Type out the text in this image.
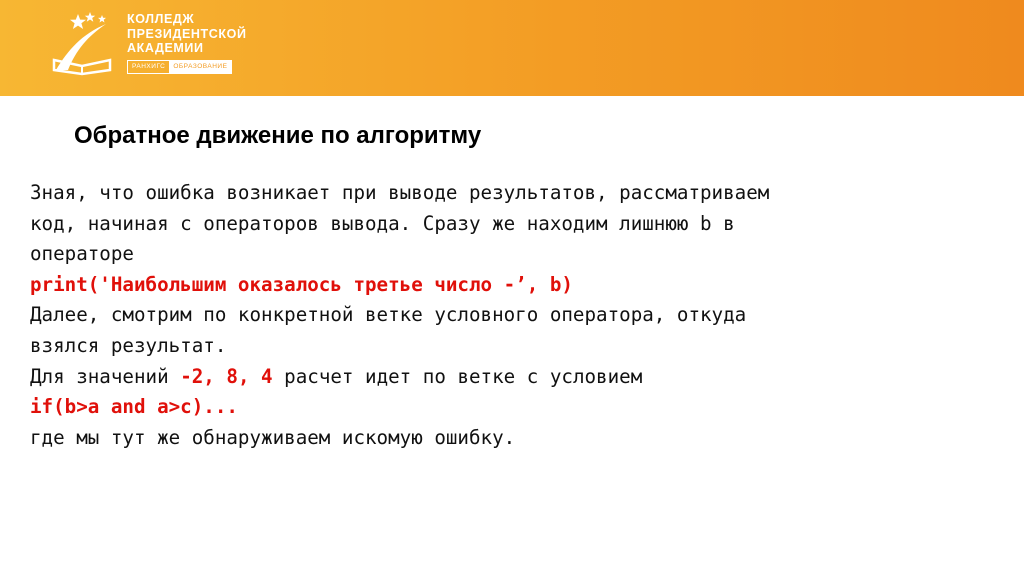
КОЛЛЕДЖ
ПРЕЗИДЕНТСКОЙ
АКАДЕМИИ
РАНХИГС	ОБРАЗОВАНИЕ
Обратное движение по алгоритму
Зная, что ошибка возникает при выводе результатов, рассматриваем
код, начиная с операторов вывода. Сразу же находим лишнюю b в
операторе
print('Наибольшим оказалось третье число -’, b)
Далее, смотрим по конкретной ветке условного оператора, откуда
взялся результат.
Для значений -2, 8, 4 расчет идет по ветке с условием
if(b>a and a>c)...
где мы тут же обнаруживаем искомую ошибку.
